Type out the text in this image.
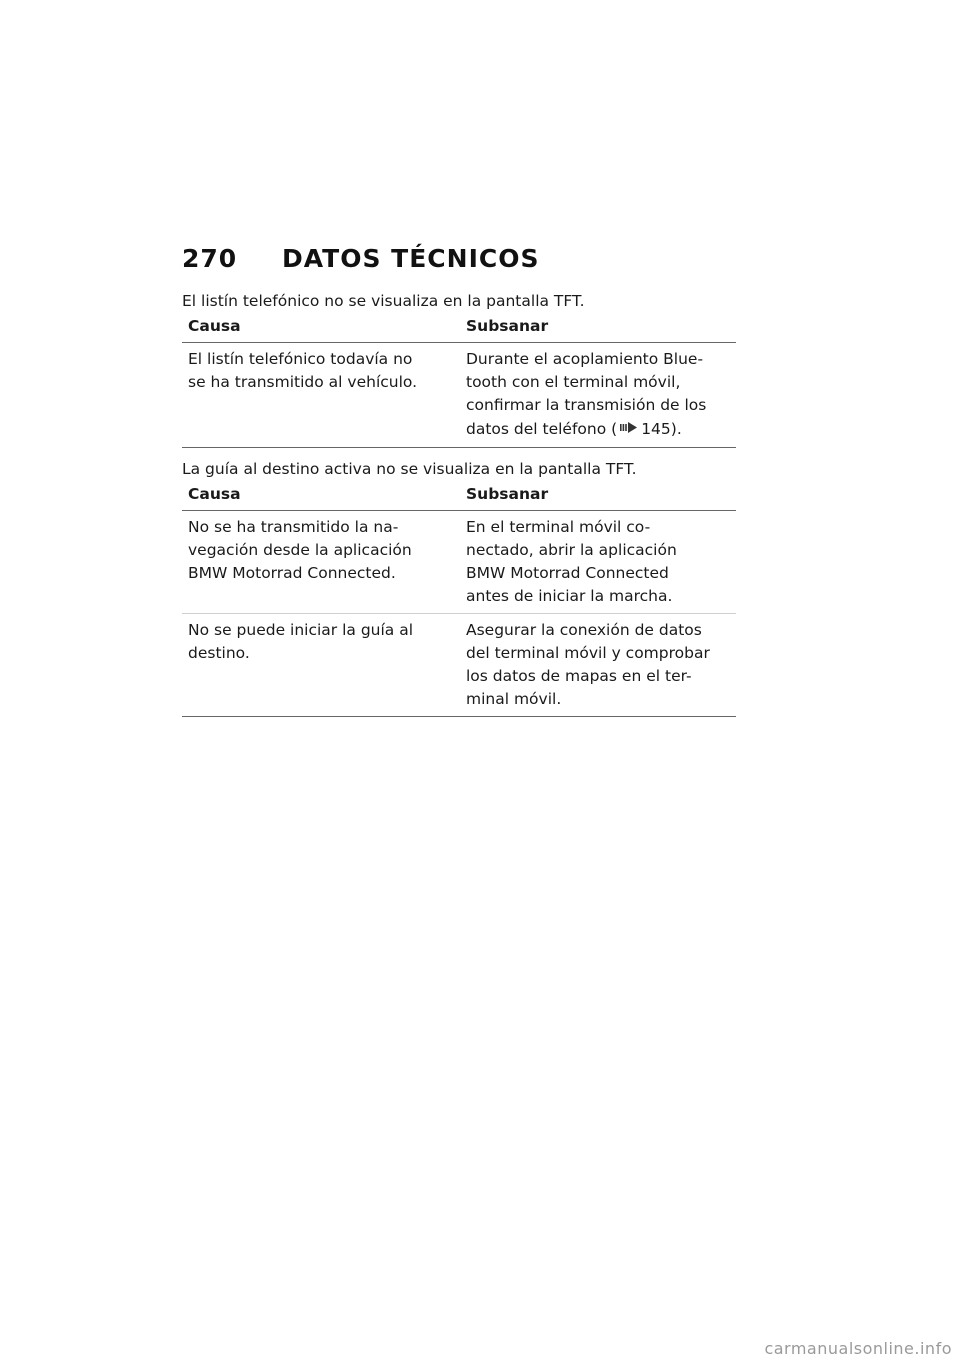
270	DATOS TÉCNICOS

El listín telefónico no se visualiza en la pantalla TFT.

Causa	Subsanar

El listín telefónico todavía no
se ha transmitido al vehículo.	Durante el acoplamiento Blue-
tooth con el terminal móvil,
confirmar la transmisión de los
datos del teléfono ( 145).

La guía al destino activa no se visualiza en la pantalla TFT.

Causa	Subsanar

No se ha transmitido la na-
vegación desde la aplicación
BMW Motorrad Connected.	En el terminal móvil co-
nectado, abrir la aplicación
BMW Motorrad Connected
antes de iniciar la marcha.

No se puede iniciar la guía al
destino.	Asegurar la conexión de datos
del terminal móvil y comprobar
los datos de mapas en el ter-
minal móvil.
carmanualsonline.info
